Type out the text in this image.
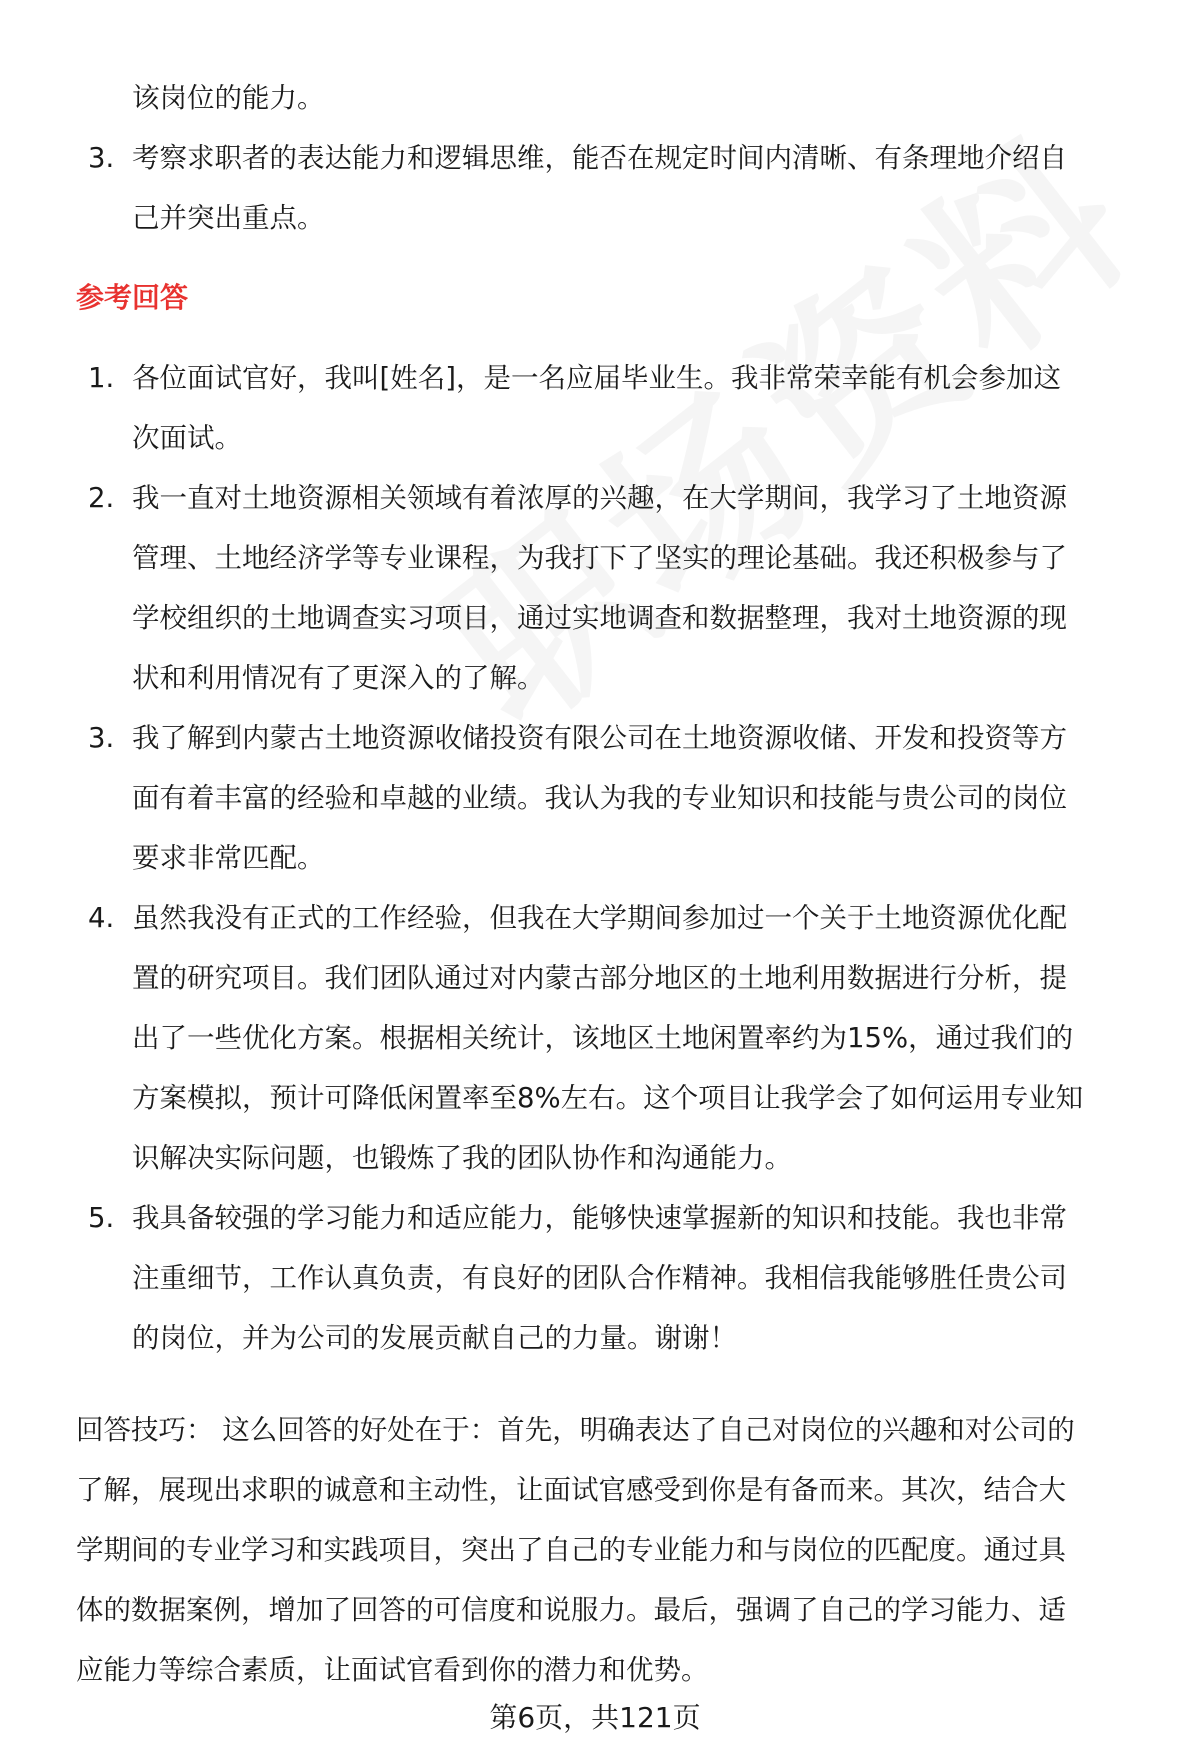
该岗位的能力。
3. 考察求职者的表达能力和逻辑思维，能否在规定时间内清晰、有条理地介绍自
己并突出重点。
参考回答
1. 各位面试官好，我叫[姓名]，是一名应届毕业生。我非常荣幸能有机会参加这
次面试。
2. 我一直对土地资源相关领域有着浓厚的兴趣，在大学期间，我学习了土地资源
管理、土地经济学等专业课程，为我打下了坚实的理论基础。我还积极参与了
学校组织的土地调查实习项目，通过实地调查和数据整理，我对土地资源的现
状和利用情况有了更深入的了解。
3. 我了解到内蒙古土地资源收储投资有限公司在土地资源收储、开发和投资等方
面有着丰富的经验和卓越的业绩。我认为我的专业知识和技能与贵公司的岗位
要求非常匹配。
4. 虽然我没有正式的工作经验，但我在大学期间参加过一个关于土地资源优化配
置的研究项目。我们团队通过对内蒙古部分地区的土地利用数据进行分析，提
出了一些优化方案。根据相关统计，该地区土地闲置率约为15%，通过我们的
方案模拟，预计可降低闲置率至8%左右。这个项目让我学会了如何运用专业知
识解决实际问题，也锻炼了我的团队协作和沟通能力。
5. 我具备较强的学习能力和适应能力，能够快速掌握新的知识和技能。我也非常
注重细节，工作认真负责，有良好的团队合作精神。我相信我能够胜任贵公司
的岗位，并为公司的发展贡献自己的力量。谢谢！
回答技巧： 这么回答的好处在于：首先，明确表达了自己对岗位的兴趣和对公司的
了解，展现出求职的诚意和主动性，让面试官感受到你是有备而来。其次，结合大
学期间的专业学习和实践项目，突出了自己的专业能力和与岗位的匹配度。通过具
体的数据案例，增加了回答的可信度和说服力。最后，强调了自己的学习能力、适
应能力等综合素质，让面试官看到你的潜力和优势。
第6页，共121页
